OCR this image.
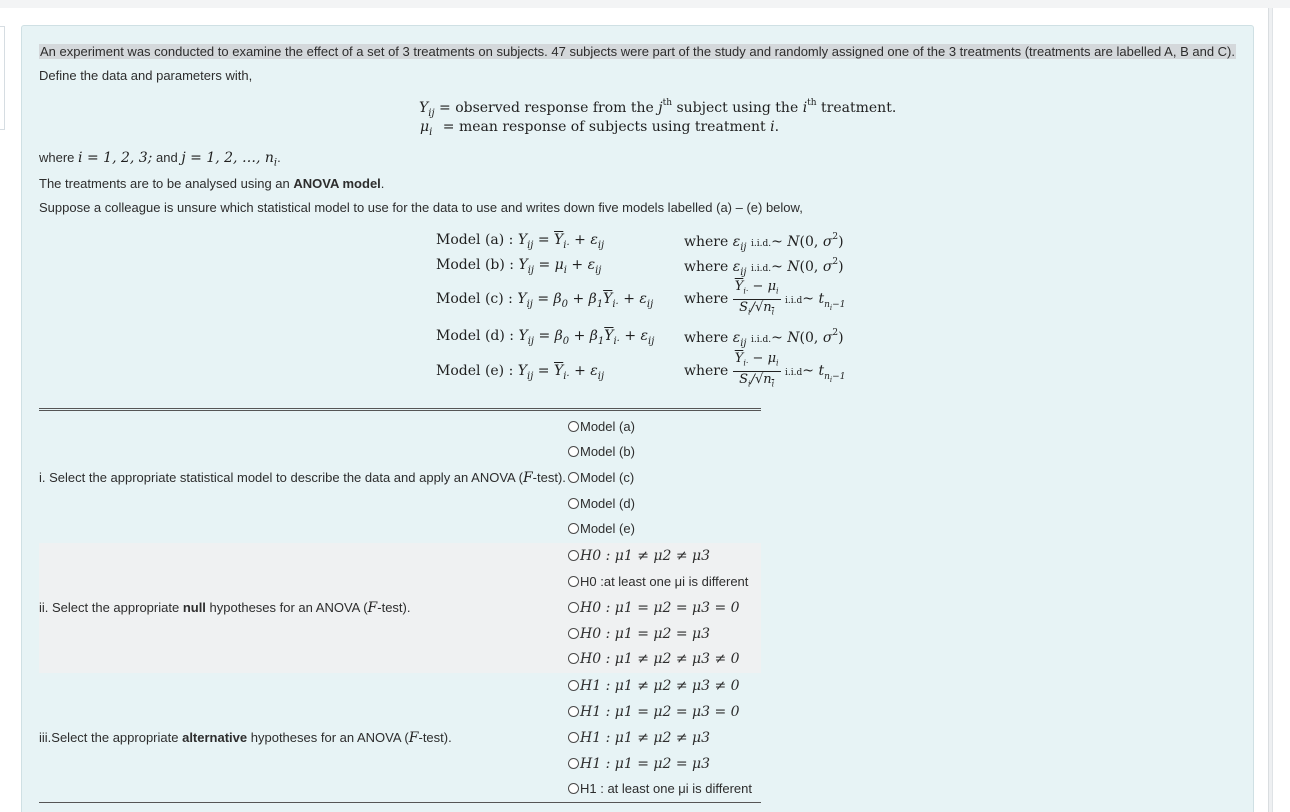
An experiment was conducted to examine the effect of a set of 3 treatments on subjects. 47 subjects were part of the study and randomly assigned one of the 3 treatments (treatments are labelled A, B and C).
Define the data and parameters with,
$Y_{ij}$ = observed response from the $j^{th}$ subject using the $i^{th}$ treatment.
$\mu_i$ = mean response of subjects using treatment i.
where i = 1, 2, 3; and j = 1, 2, …, $n_i$.
The treatments are to be analysed using an ANOVA model.
Suppose a colleague is unsure which statistical model to use for the data to use and writes down five models labelled (a) – (e) below,
Model (a) : $Y_{ij} = \overline{Y}_{i\cdot} + \varepsilon_{ij}$	where $\varepsilon_{ij}$ i.i.d.~ N(0, $\sigma^2$)
Model (b) : $Y_{ij} = \mu_i + \varepsilon_{ij}$	where $\varepsilon_{ij}$ i.i.d.~ N(0, $\sigma^2$)
Model (c) : $Y_{ij} = \beta_0 + \beta_1\overline{Y}_{i\cdot} + \varepsilon_{ij}$ where $\frac{\overline{Y}_{i\cdot} - \mu_i}{S_i/√n_i}$ i.i.d~ $t_{n_i-1}$
Model (d) : $Y_{ij} = \beta_0 + \beta_1\overline{Y}_{i\cdot} + \varepsilon_{ij}$ where $\varepsilon_{ij}$ i.i.d.~ N(0, $\sigma^2$)
Model (e) : $Y_{ij} = \overline{Y}_{i\cdot} + \varepsilon_{ij}$	where $\frac{\overline{Y}_{i\cdot} - \mu_i}{S_i/√n_i}$ i.i.d~ $t_{n_i-1}$
i. Select the appropriate statistical model to describe the data and apply an ANOVA (F-test).
Model (a)
Model (b)
Model (c)
Model (d)
Model (e)
ii. Select the appropriate null hypotheses for an ANOVA (F-test).
H0 : μ1 ≠ μ2 ≠ μ3
H0 :at least one μi is different
H0 : μ1 = μ2 = μ3 = 0
H0 : μ1 = μ2 = μ3
H0 : μ1 ≠ μ2 ≠ μ3 ≠ 0
iii.Select the appropriate alternative hypotheses for an ANOVA (F-test).
H1 : μ1 ≠ μ2 ≠ μ3 ≠ 0
H1 : μ1 = μ2 = μ3 = 0
H1 : μ1 ≠ μ2 ≠ μ3
H1 : μ1 = μ2 = μ3
H1 : at least one μi is different
